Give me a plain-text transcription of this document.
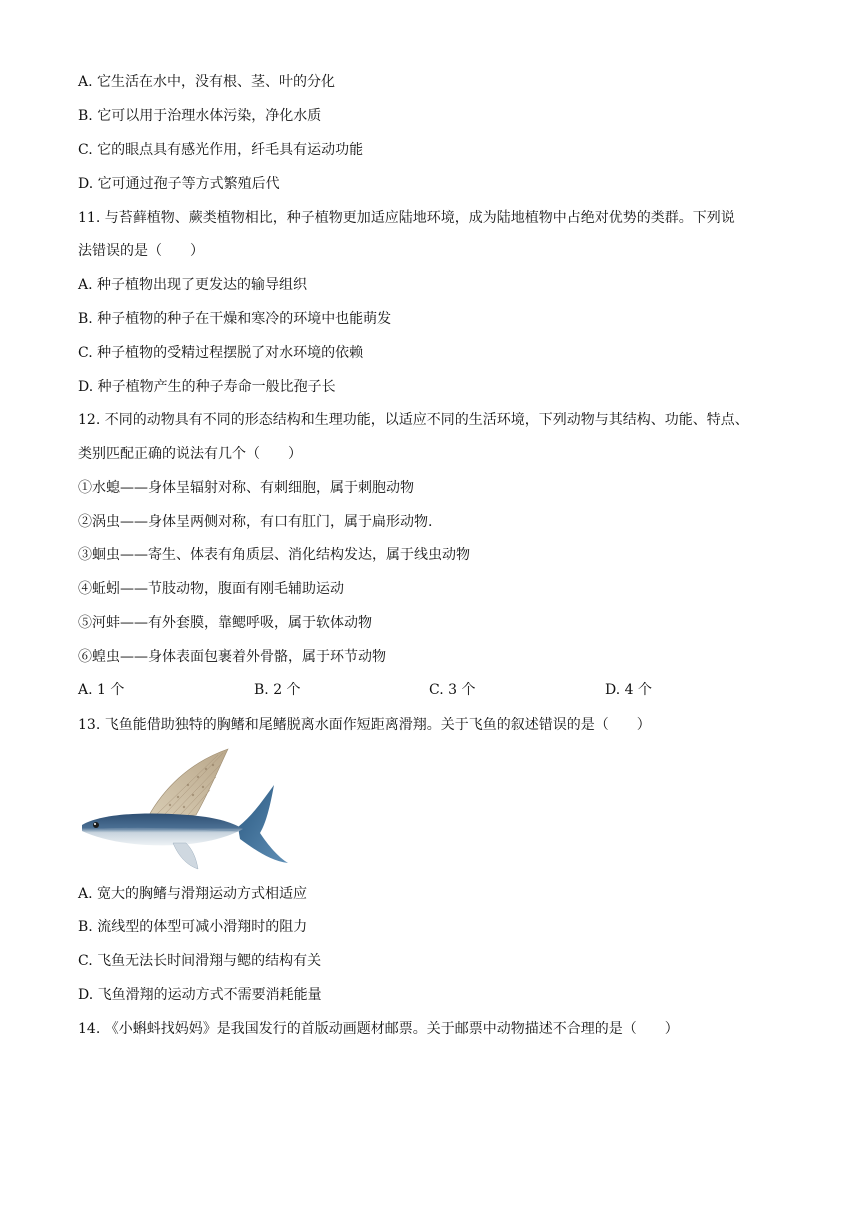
A. 它生活在水中，没有根、茎、叶的分化
B. 它可以用于治理水体污染，净化水质
C. 它的眼点具有感光作用，纤毛具有运动功能
D. 它可通过孢子等方式繁殖后代
11. 与苔藓植物、蕨类植物相比，种子植物更加适应陆地环境，成为陆地植物中占绝对优势的类群。下列说
法错误的是（　　）
A. 种子植物出现了更发达的输导组织
B. 种子植物的种子在干燥和寒冷的环境中也能萌发
C. 种子植物的受精过程摆脱了对水环境的依赖
D. 种子植物产生的种子寿命一般比孢子长
12. 不同的动物具有不同的形态结构和生理功能，以适应不同的生活环境，下列动物与其结构、功能、特点、
类别匹配正确的说法有几个（　　）
①水螅——身体呈辐射对称、有刺细胞，属于刺胞动物
②涡虫——身体呈两侧对称，有口有肛门，属于扁形动物.
③蛔虫——寄生、体表有角质层、消化结构发达，属于线虫动物
④蚯蚓——节肢动物，腹面有刚毛辅助运动
⑤河蚌——有外套膜，靠鳃呼吸，属于软体动物
⑥蝗虫——身体表面包裹着外骨骼，属于环节动物
A. 1 个	B. 2 个	C. 3 个	D. 4 个
13. 飞鱼能借助独特的胸鳍和尾鳍脱离水面作短距离滑翔。关于飞鱼的叙述错误的是（　　）
A. 宽大的胸鳍与滑翔运动方式相适应
B. 流线型的体型可减小滑翔时的阻力
C. 飞鱼无法长时间滑翔与鳃的结构有关
D. 飞鱼滑翔的运动方式不需要消耗能量
14. 《小蝌蚪找妈妈》是我国发行的首版动画题材邮票。关于邮票中动物描述不合理的是（　　）
